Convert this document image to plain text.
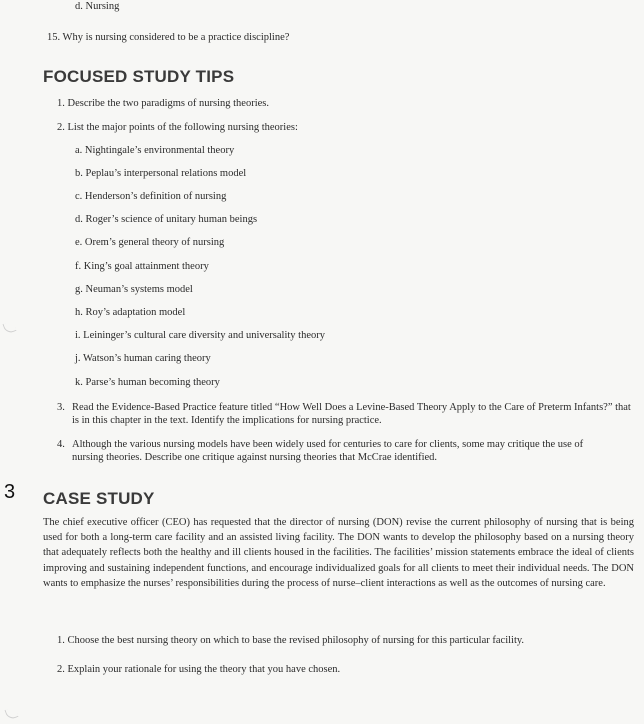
d. Nursing
15. Why is nursing considered to be a practice discipline?
FOCUSED STUDY TIPS
1. Describe the two paradigms of nursing theories.
2. List the major points of the following nursing theories:
a. Nightingale’s environmental theory
b. Peplau’s interpersonal relations model
c. Henderson’s definition of nursing
d. Roger’s science of unitary human beings
e. Orem’s general theory of nursing
f. King’s goal attainment theory
g. Neuman’s systems model
h. Roy’s adaptation model
i. Leininger’s cultural care diversity and universality theory
j. Watson’s human caring theory
k. Parse’s human becoming theory
3. Read the Evidence-Based Practice feature titled “How Well Does a Levine-Based Theory Apply to the Care of Preterm Infants?” that is in this chapter in the text. Identify the implications for nursing practice.
4. Although the various nursing models have been widely used for centuries to care for clients, some may critique the use of nursing theories. Describe one critique against nursing theories that McCrae identified.
3 CASE STUDY
The chief executive officer (CEO) has requested that the director of nursing (DON) revise the current philosophy of nursing that is being used for both a long-term care facility and an assisted living facility. The DON wants to develop the philosophy based on a nursing theory that adequately reflects both the healthy and ill clients housed in the facilities. The facilities’ mission statements embrace the ideal of clients improving and sustaining independent functions, and encourage individualized goals for all clients to meet their individual needs. The DON wants to emphasize the nurses’ responsibilities during the process of nurse–client interactions as well as the outcomes of nursing care.
1. Choose the best nursing theory on which to base the revised philosophy of nursing for this particular facility.
2. Explain your rationale for using the theory that you have chosen.
